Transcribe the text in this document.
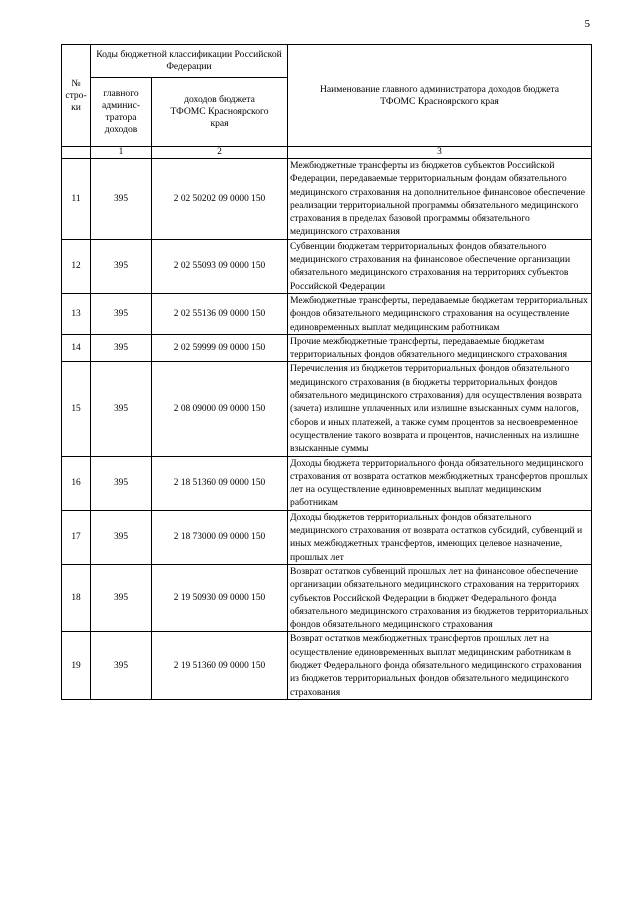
5
№ стро-ки	Коды бюджетной классификации Российской Федерации		Наименование главного администратора доходов бюджета ТФОМС Красноярского края
	главного админис-тратора доходов	доходов бюджета ТФОМС Красноярского края	
	1	2	3
11	395	2 02 50202 09 0000 150	Межбюджетные трансферты из бюджетов субъектов Российской Федерации, передаваемые территориальным фондам обязательного медицинского страхования на дополнительное финансовое обеспечение реализации территориальной программы обязательного медицинского страхования в пределах базовой программы обязательного медицинского страхования
12	395	2 02 55093 09 0000 150	Субвенции бюджетам территориальных фондов обязательного медицинского страхования на финансовое обеспечение организации обязательного медицинского страхования на территориях субъектов Российской Федерации
13	395	2 02 55136 09 0000 150	Межбюджетные трансферты, передаваемые бюджетам территориальных фондов обязательного медицинского страхования на осуществление единовременных выплат медицинским работникам
14	395	2 02 59999 09 0000 150	Прочие межбюджетные трансферты, передаваемые бюджетам территориальных фондов обязательного медицинского страхования
15	395	2 08 09000 09 0000 150	Перечисления из бюджетов территориальных фондов обязательного медицинского страхования (в бюджеты территориальных фондов обязательного медицинского страхования) для осуществления возврата (зачета) излишне уплаченных или излишне взысканных сумм налогов, сборов и иных платежей, а также сумм процентов за несвоевременное осуществление такого возврата и процентов, начисленных на излишне взысканные суммы
16	395	2 18 51360 09 0000 150	Доходы бюджета территориального фонда обязательного медицинского страхования от возврата остатков межбюджетных трансфертов прошлых лет на осуществление единовременных выплат медицинским работникам
17	395	2 18 73000 09 0000 150	Доходы бюджетов территориальных фондов обязательного медицинского страхования от возврата остатков субсидий, субвенций и иных межбюджетных трансфертов, имеющих целевое назначение, прошлых лет
18	395	2 19 50930 09 0000 150	Возврат остатков субвенций прошлых лет на финансовое обеспечение организации обязательного медицинского страхования на территориях субъектов Российской Федерации в бюджет Федерального фонда обязательного медицинского страхования из бюджетов территориальных фондов обязательного медицинского страхования
19	395	2 19 51360 09 0000 150	Возврат остатков межбюджетных трансфертов прошлых лет на осуществление единовременных выплат медицинским работникам в бюджет Федерального фонда обязательного медицинского страхования из бюджетов территориальных фондов обязательного медицинского страхования
